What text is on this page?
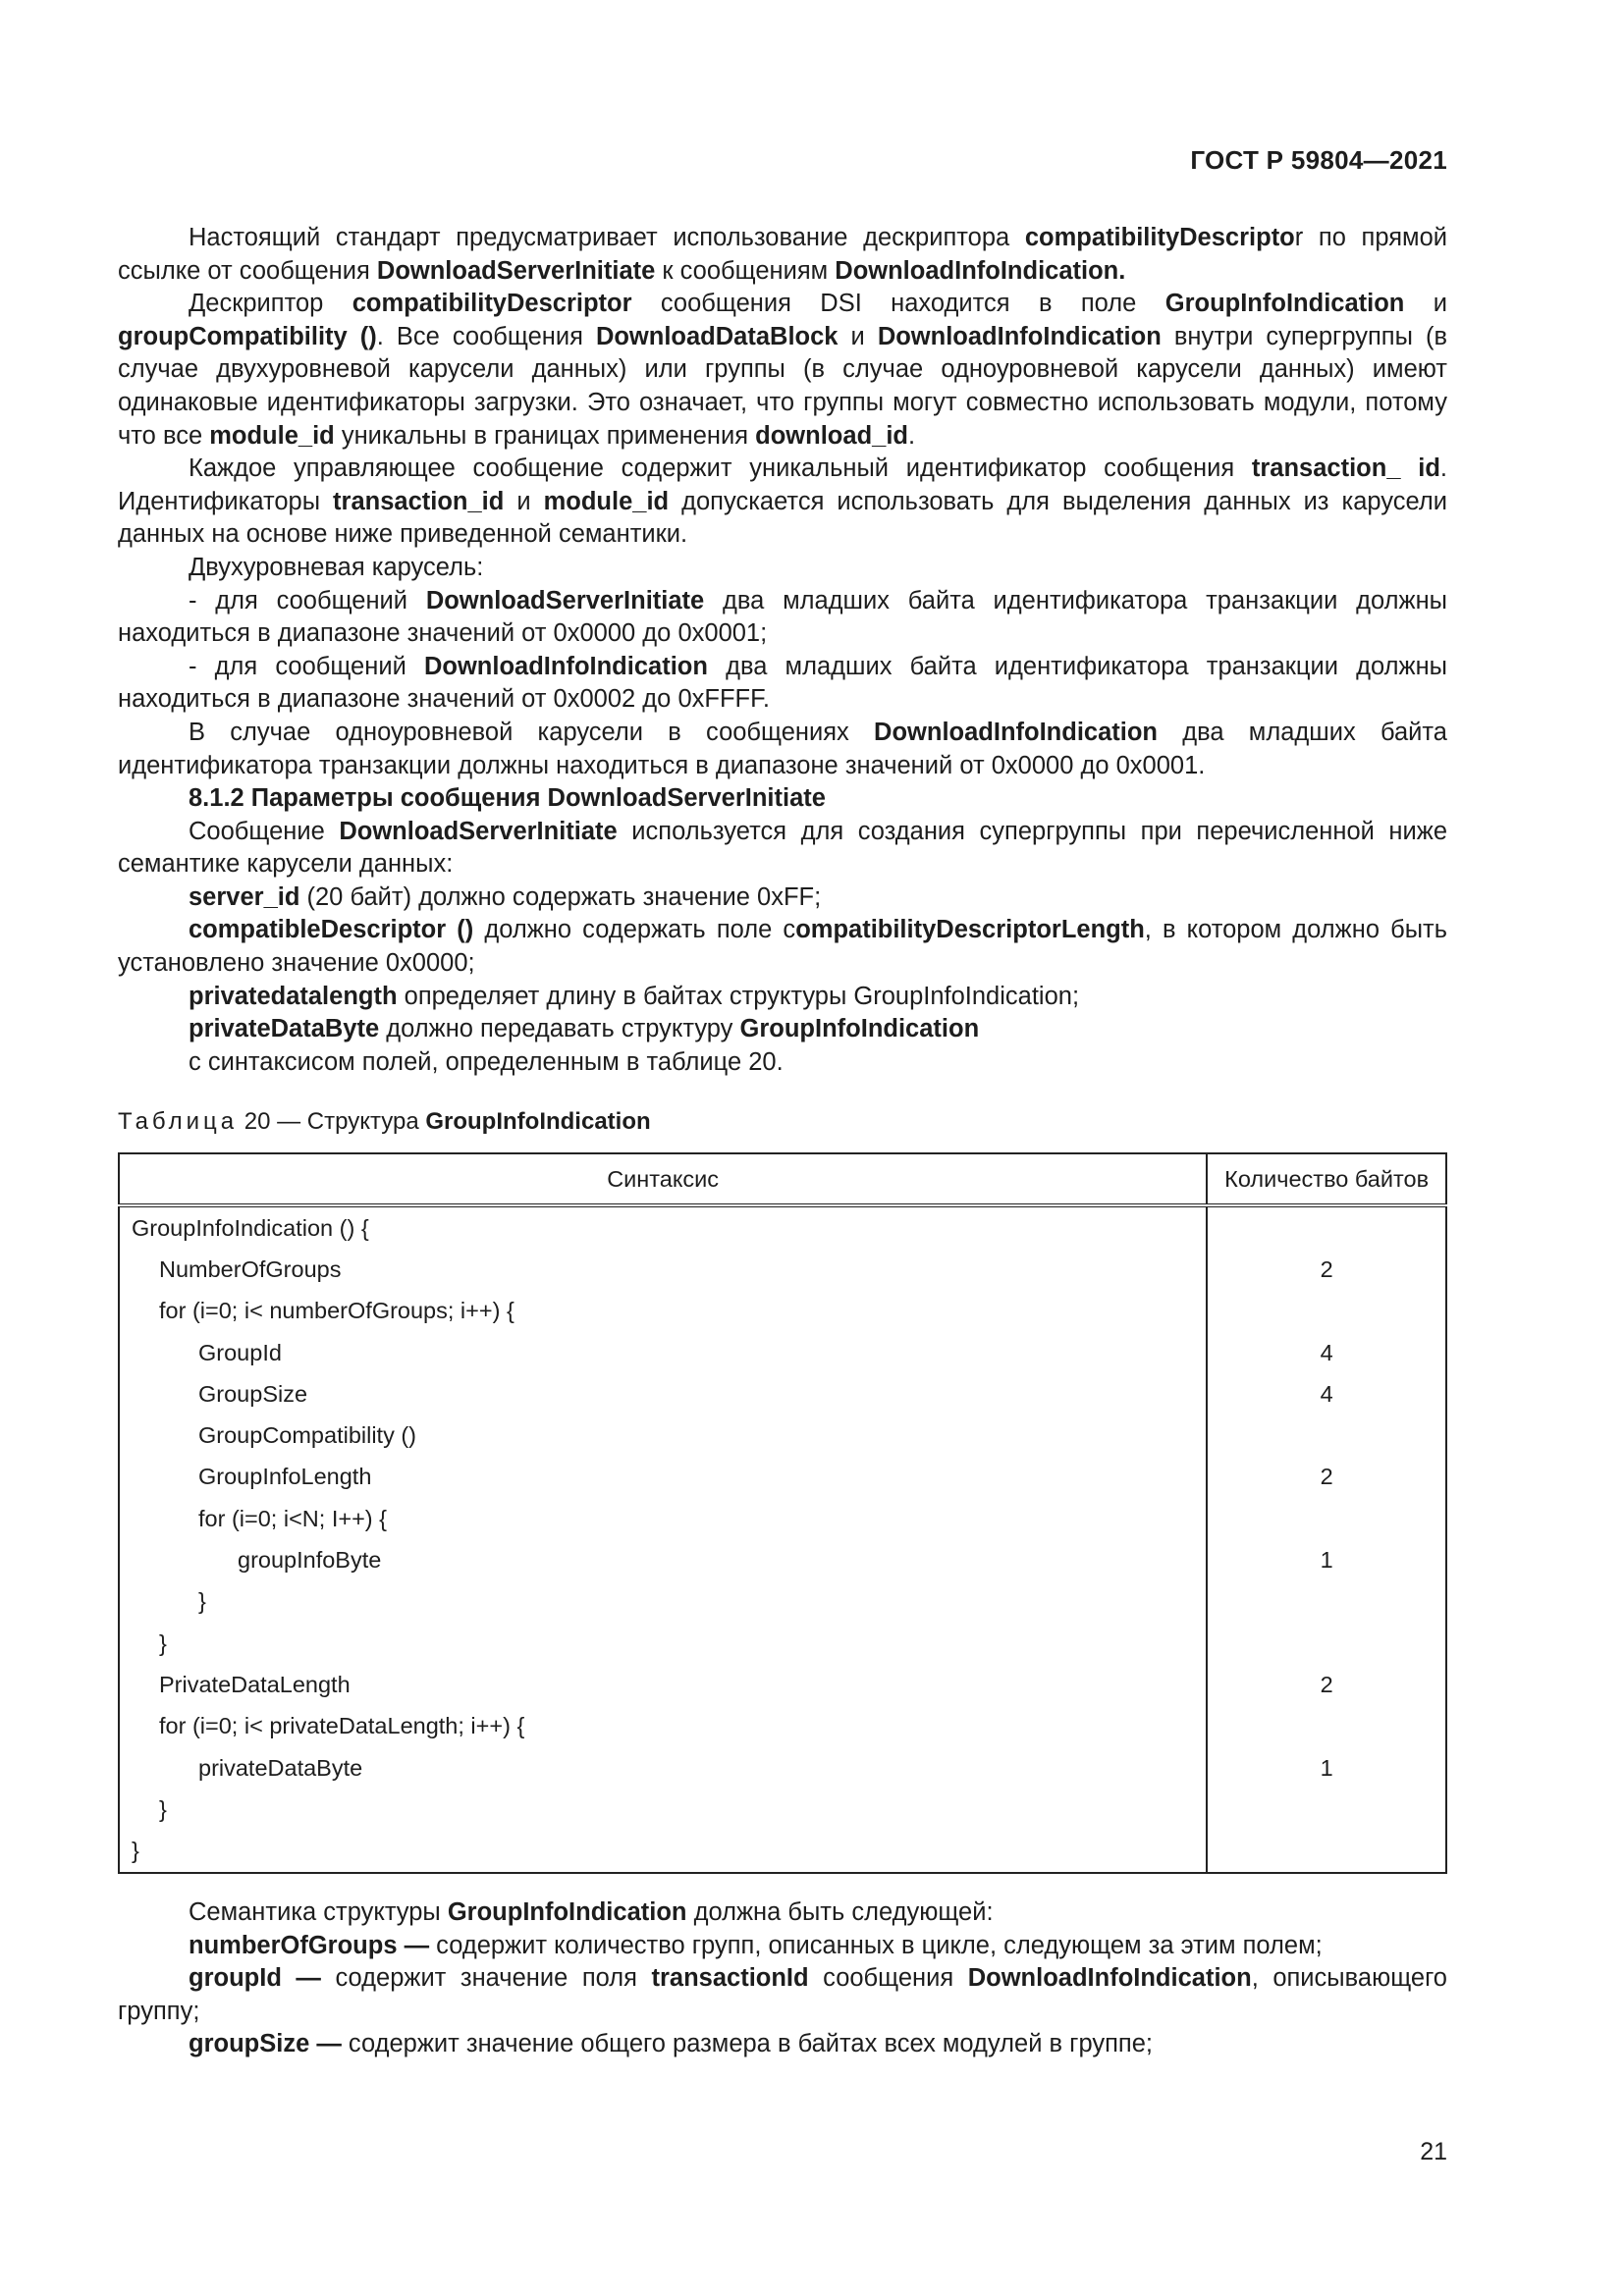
ГОСТ Р 59804—2021

Настоящий стандарт предусматривает использование дескриптора compatibilityDescriptor по прямой ссылке от сообщения DownloadServerInitiate к сообщениям DownloadInfoIndication.

Дескриптор compatibilityDescriptor сообщения DSI находится в поле GroupInfoIndication и groupCompatibility (). Все сообщения DownloadDataBlock и DownloadInfoIndication внутри супергруппы (в случае двухуровневой карусели данных) или группы (в случае одноуровневой карусели данных) имеют одинаковые идентификаторы загрузки. Это означает, что группы могут совместно использовать модули, потому что все module_id уникальны в границах применения download_id.

Каждое управляющее сообщение содержит уникальный идентификатор сообщения transaction_ id. Идентификаторы transaction_id и module_id допускается использовать для выделения данных из карусели данных на основе ниже приведенной семантики.

Двухуровневая карусель:

- для сообщений DownloadServerInitiate два младших байта идентификатора транзакции должны находиться в диапазоне значений от 0x0000 до 0x0001;

- для сообщений DownloadInfoIndication два младших байта идентификатора транзакции должны находиться в диапазоне значений от 0x0002 до 0xFFFF.

В случае одноуровневой карусели в сообщениях DownloadInfoIndication два младших байта идентификатора транзакции должны находиться в диапазоне значений от 0x0000 до 0x0001.

8.1.2 Параметры сообщения DownloadServerInitiate

Сообщение DownloadServerInitiate используется для создания супергруппы при перечисленной ниже семантике карусели данных:

server_id (20 байт) должно содержать значение 0xFF;

compatibleDescriptor () должно содержать поле compatibilityDescriptorLength, в котором должно быть установлено значение 0x0000;

privatedatalength определяет длину в байтах структуры GroupInfoIndication;

privateDataByte должно передавать структуру GroupInfoIndication

с синтаксисом полей, определенным в таблице 20.

Таблица 20 — Структура GroupInfoIndication
Синтаксис	Количество байтов

GroupInfoIndication () {	
NumberOfGroups	2
for (i=0; i< numberOfGroups; i++) {	
GroupId	4
GroupSize	4
GroupCompatibility ()	
GroupInfoLength	2
for (i=0; i<N; I++) {	
groupInfoByte	1
}	
}	
PrivateDataLength	2
for (i=0; i< privateDataLength; i++) {	
privateDataByte	1
}	
}	

Семантика структуры GroupInfoIndication должна быть следующей:

numberOfGroups — содержит количество групп, описанных в цикле, следующем за этим полем;

groupId — содержит значение поля transactionId сообщения DownloadInfoIndication, описывающего группу;

groupSize — содержит значение общего размера в байтах всех модулей в группе;

21
